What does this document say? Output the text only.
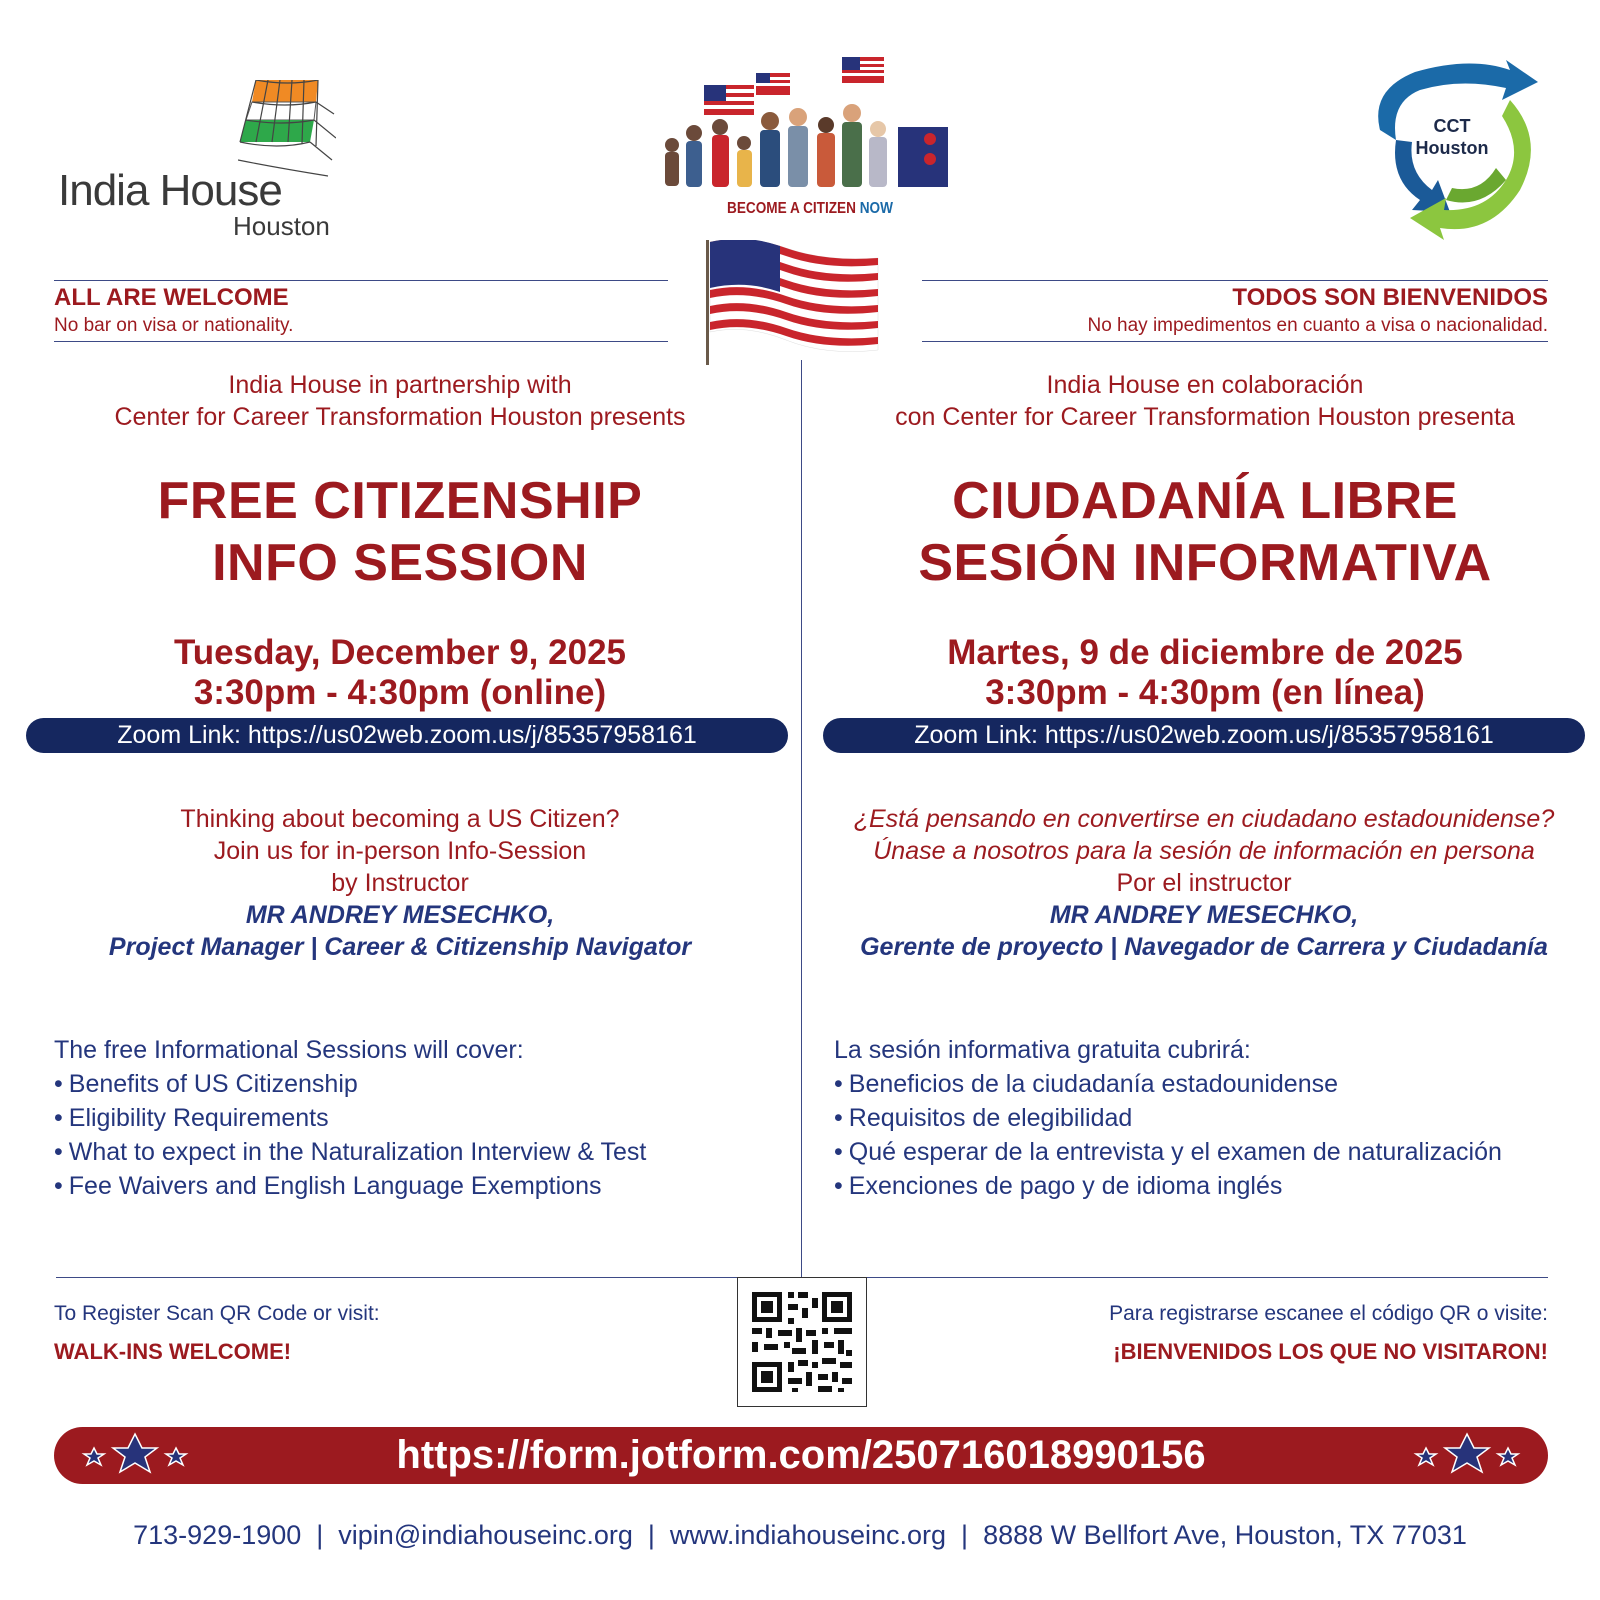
India House
Houston
BECOME A CITIZEN NOW
CCT
Houston
ALL ARE WELCOME
No bar on visa or nationality.
TODOS SON BIENVENIDOS
No hay impedimentos en cuanto a visa o nacionalidad.
India House in partnership with
Center for Career Transformation Houston presents
India House en colaboración
con Center for Career Transformation Houston presenta
FREE CITIZENSHIP
INFO SESSION
CIUDADANÍA LIBRE
SESIÓN INFORMATIVA
Tuesday, December 9, 2025
3:30pm - 4:30pm (online)
Martes, 9 de diciembre de 2025
3:30pm - 4:30pm (en línea)
Zoom Link: https://us02web.zoom.us/j/85357958161	Zoom Link: https://us02web.zoom.us/j/85357958161
Thinking about becoming a US Citizen?
Join us for in-person Info-Session
by Instructor
MR ANDREY MESECHKO,
Project Manager | Career & Citizenship Navigator
¿Está pensando en convertirse en ciudadano estadounidense?
Únase a nosotros para la sesión de información en persona
Por el instructor
MR ANDREY MESECHKO,
Gerente de proyecto | Navegador de Carrera y Ciudadanía
The free Informational Sessions will cover:
• Benefits of US Citizenship
• Eligibility Requirements
• What to expect in the Naturalization Interview & Test
• Fee Waivers and English Language Exemptions
La sesión informativa gratuita cubrirá:
• Beneficios de la ciudadanía estadounidense
• Requisitos de elegibilidad
• Qué esperar de la entrevista y el examen de naturalización
• Exenciones de pago y de idioma inglés
To Register Scan QR Code or visit:
WALK-INS WELCOME!
Para registrarse escanee el código QR o visite:
¡BIENVENIDOS LOS QUE NO VISITARON!
https://form.jotform.com/250716018990156
713-929-1900  |  vipin@indiahouseinc.org  |  www.indiahouseinc.org  |  8888 W Bellfort Ave, Houston, TX 77031
